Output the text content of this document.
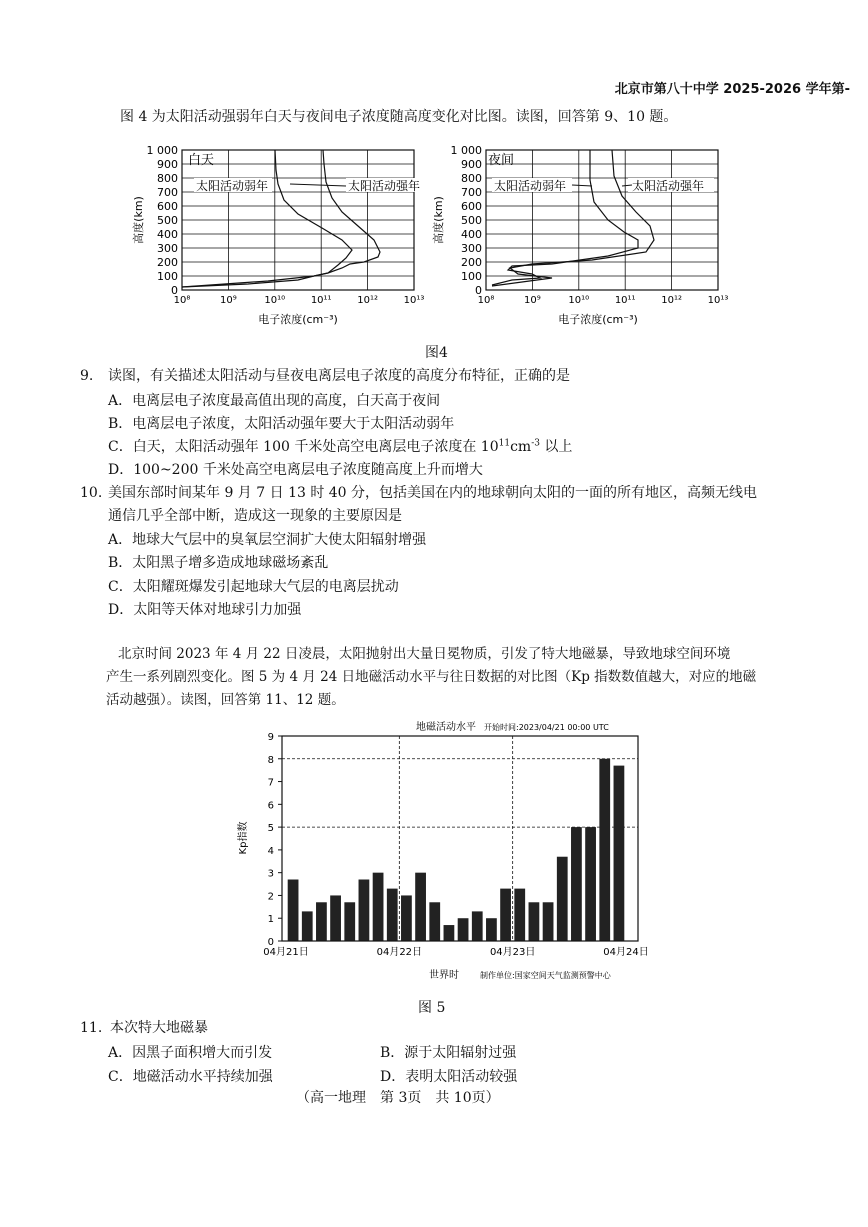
北京市第八十中学 2025-2026 学年第-
图 4 为太阳活动强弱年白天与夜间电子浓度随高度变化对比图。读图，回答第 9、10 题。
0
100
200
300
400
500
600
700
800
900
1 000
10⁸	10⁹	10¹⁰	10¹¹	10¹²	10¹³
白天
太阳活动弱年	太阳活动强年
高度(km)
电子浓度(cm⁻³)
0
100
200
300
400
500
600
700
800
900
1 000
10⁸	10⁹	10¹⁰	10¹¹	10¹²	10¹³
夜间
太阳活动弱年	太阳活动强年
高度(km)
电子浓度(cm⁻³)
图4
9. 读图，有关描述太阳活动与昼夜电离层电子浓度的高度分布特征，正确的是
A．电离层电子浓度最高值出现的高度，白天高于夜间
B．电离层电子浓度，太阳活动强年要大于太阳活动弱年
C．白天，太阳活动强年 100 千米处高空电离层电子浓度在 $10^{11}cm^{-3}$ 以上
D．100~200 千米处高空电离层电子浓度随高度上升而增大
10. 美国东部时间某年 9 月 7 日 13 时 40 分，包括美国在内的地球朝向太阳的一面的所有地区，高频无线电
通信几乎全部中断，造成这一现象的主要原因是
A．地球大气层中的臭氧层空洞扩大使太阳辐射增强
B．太阳黑子增多造成地球磁场紊乱
C．太阳耀斑爆发引起地球大气层的电离层扰动
D．太阳等天体对地球引力加强
北京时间 2023 年 4 月 22 日凌晨，太阳抛射出大量日冕物质，引发了特大地磁暴，导致地球空间环境
产生一系列剧烈变化。图 5 为 4 月 24 日地磁活动水平与往日数据的对比图（Kp 指数数值越大，对应的地磁
活动越强）。读图，回答第 11、12 题。
地磁活动水平 开始时间:2023/04/21 00:00 UTC
0
1
2
3
4
5
6
7
8
9
04月21日	04月22日	04月23日	04月24日
Kp指数
世界时	制作单位:国家空间天气监测预警中心
图 5
11. 本次特大地磁暴
A．因黑子面积增大而引发	B．源于太阳辐射过强
C．地磁活动水平持续加强	D．表明太阳活动较强
（高一地理　第 3页　共 10页）
